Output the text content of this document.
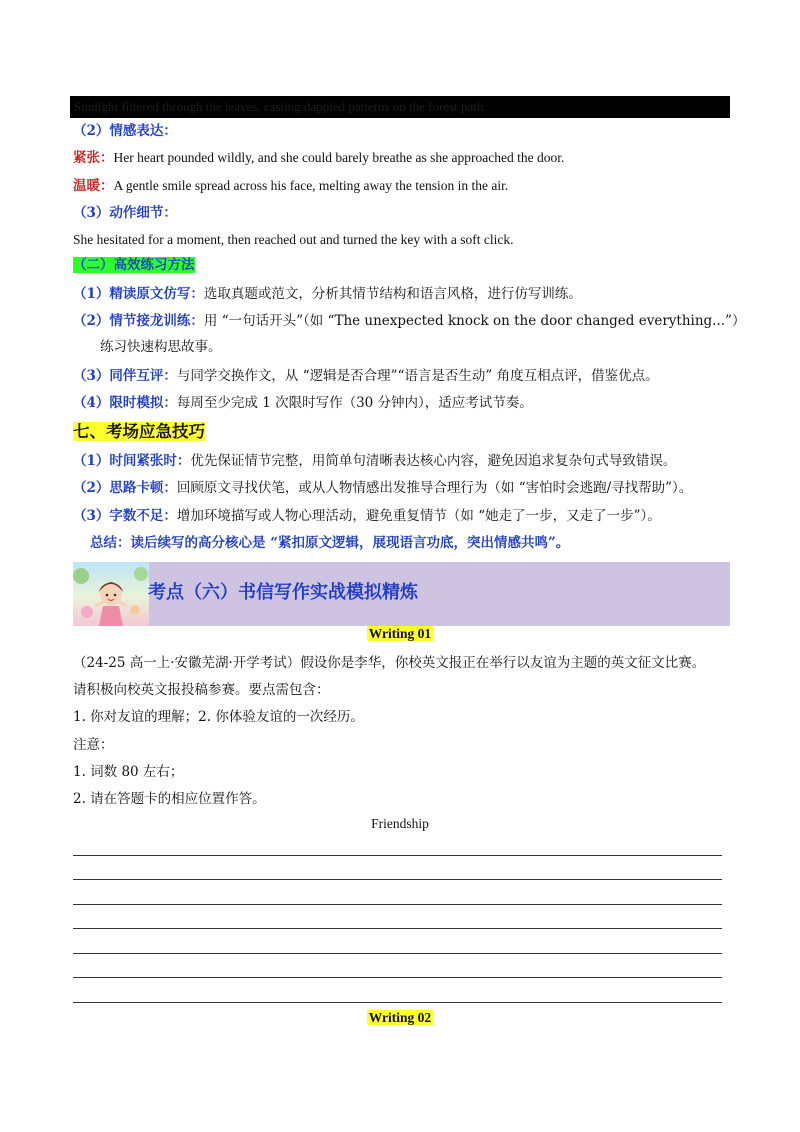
Sunlight filtered through the leaves, casting dappled patterns on the forest path.
（2）情感表达：
紧张：Her heart pounded wildly, and she could barely breathe as she approached the door.
温暖：A gentle smile spread across his face, melting away the tension in the air.
（3）动作细节：
She hesitated for a moment, then reached out and turned the key with a soft click.
（二）高效练习方法
（1）精读原文仿写：选取真题或范文，分析其情节结构和语言风格，进行仿写训练。
（2）情节接龙训练：用 “一句话开头”（如 “The unexpected knock on the door changed everything...”）
练习快速构思故事。
（3）同伴互评：与同学交换作文，从 “逻辑是否合理”“语言是否生动” 角度互相点评，借鉴优点。
（4）限时模拟：每周至少完成 1 次限时写作（30 分钟内），适应考试节奏。
七、考场应急技巧
（1）时间紧张时：优先保证情节完整，用简单句清晰表达核心内容，避免因追求复杂句式导致错误。
（2）思路卡顿：回顾原文寻找伏笔，或从人物情感出发推导合理行为（如 “害怕时会逃跑/寻找帮助”）。
（3）字数不足：增加环境描写或人物心理活动，避免重复情节（如 “她走了一步，又走了一步”）。
总结：读后续写的高分核心是 “紧扣原文逻辑，展现语言功底，突出情感共鸣”。
考点（六）书信写作实战模拟精炼
Writing 01
（24-25 高一上·安徽芜湖·开学考试）假设你是李华，你校英文报正在举行以友谊为主题的英文征文比赛。
请积极向校英文报投稿参赛。要点需包含：
1. 你对友谊的理解；2. 你体验友谊的一次经历。
注意：
1. 词数 80 左右；
2. 请在答题卡的相应位置作答。
Friendship
Writing 02
